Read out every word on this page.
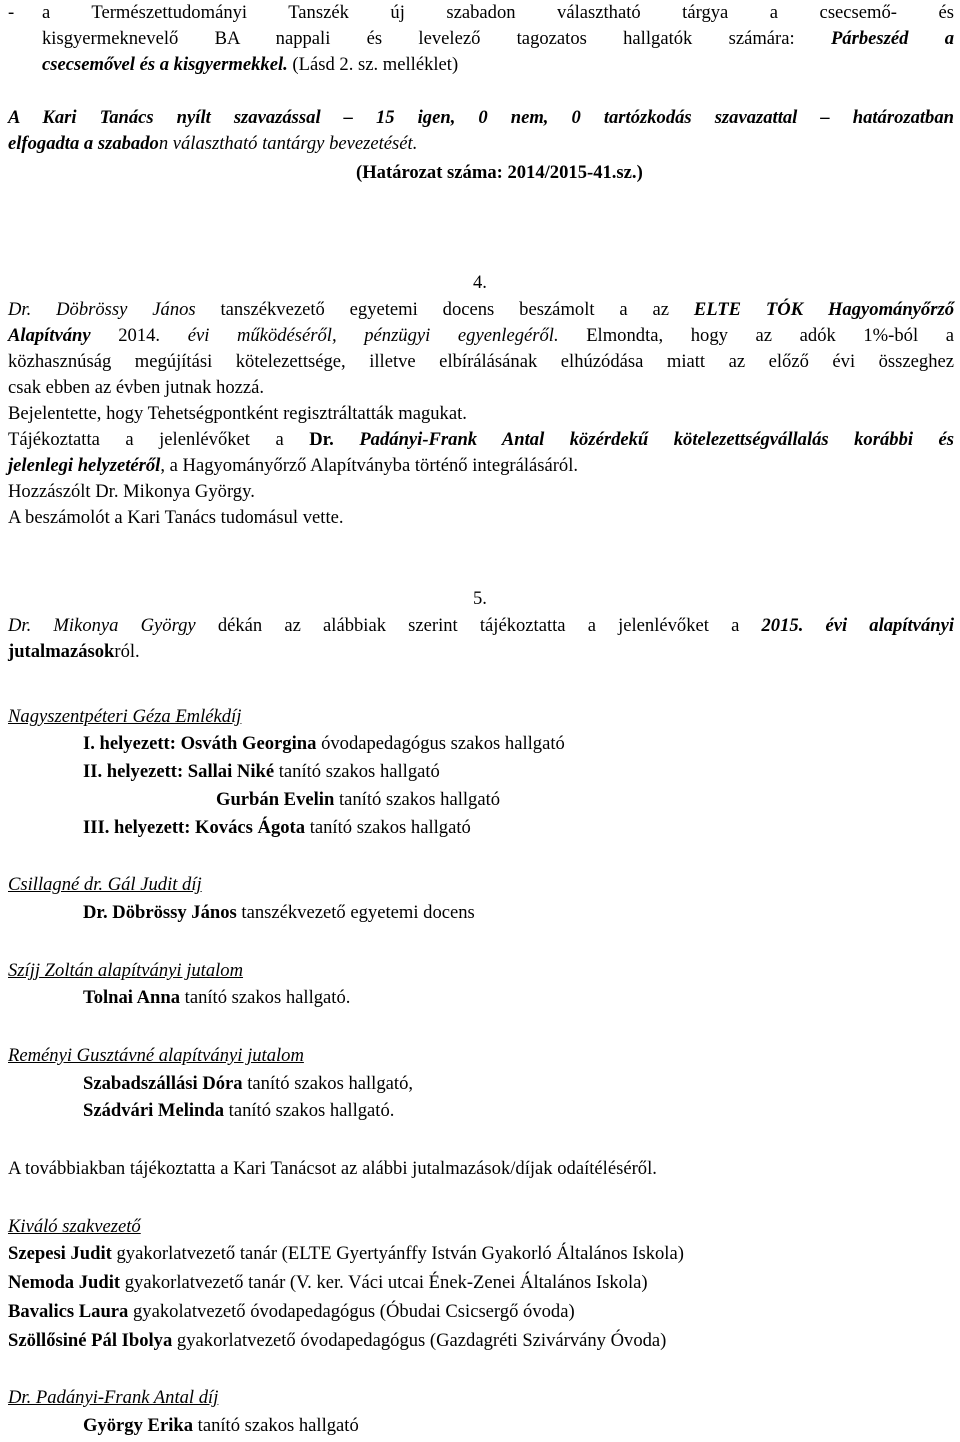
-	a Természettudományi Tanszék új szabadon választható tárgya a csecsemő- és

kisgyermeknevelő BA nappali és levelező tagozatos hallgatók számára: Párbeszéd a

csecsemővel és a kisgyermekkel. (Lásd 2. sz. melléklet)

A Kari Tanács nyílt szavazással – 15 igen, 0 nem, 0 tartózkodás szavazattal – határozatban

elfogadta a szabadon választható tantárgy bevezetését.

(Határozat száma: 2014/2015-41.sz.)

4.

Dr. Döbrössy János tanszékvezető egyetemi docens beszámolt a az ELTE TÓK Hagyományőrző

Alapítvány 2014. évi működéséről, pénzügyi egyenlegéről. Elmondta, hogy az adók 1%-ból a

közhasznúság megújítási kötelezettsége, illetve elbírálásának elhúzódása miatt az előző évi összeghez

csak ebben az évben jutnak hozzá.

Bejelentette, hogy Tehetségpontként regisztráltatták magukat.

Tájékoztatta a jelenlévőket a Dr. Padányi-Frank Antal közérdekű kötelezettségvállalás korábbi és

jelenlegi helyzetéről, a Hagyományőrző Alapítványba történő integrálásáról.

Hozzászólt Dr. Mikonya György.

A beszámolót a Kari Tanács tudomásul vette.

5.

Dr. Mikonya György dékán az alábbiak szerint tájékoztatta a jelenlévőket a 2015. évi alapítványi

jutalmazásokról.

Nagyszentpéteri Géza Emlékdíj

I. helyezett: Osváth Georgina óvodapedagógus szakos hallgató

II. helyezett: Sallai Niké tanító szakos hallgató

Gurbán Evelin tanító szakos hallgató

III. helyezett: Kovács Ágota tanító szakos hallgató

Csillagné dr. Gál Judit díj

Dr. Döbrössy János tanszékvezető egyetemi docens

Szíjj Zoltán alapítványi jutalom

Tolnai Anna tanító szakos hallgató.

Reményi Gusztávné alapítványi jutalom

Szabadszállási Dóra tanító szakos hallgató,

Szádvári Melinda tanító szakos hallgató.

A továbbiakban tájékoztatta a Kari Tanácsot az alábbi jutalmazások/díjak odaítéléséről.

Kiváló szakvezető

Szepesi Judit gyakorlatvezető tanár (ELTE Gyertyánffy István Gyakorló Általános Iskola)

Nemoda Judit gyakorlatvezető tanár (V. ker. Váci utcai Ének-Zenei Általános Iskola)

Bavalics Laura gyakolatvezető óvodapedagógus (Óbudai Csicsergő óvoda)

Szöllősiné Pál Ibolya gyakorlatvezető óvodapedagógus (Gazdagréti Szivárvány Óvoda)

Dr. Padányi-Frank Antal díj

György Erika tanító szakos hallgató
